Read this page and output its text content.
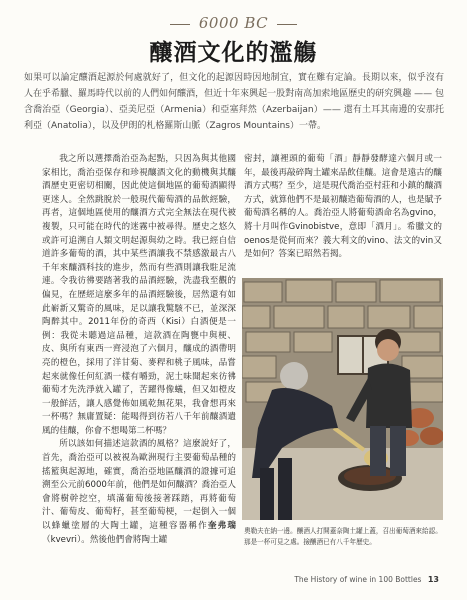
6000 BC
釀酒文化的濫觴
如果可以論定釀酒起源於何處就好了，但文化的起源因時因地制宜，實在難有定論。長期以來，似乎沒有人在乎希臘、羅馬時代以前的人們如何釀酒，但近十年來興起一股對南高加索地區歷史的研究興趣 —— 包含喬治亞（Georgia）、亞美尼亞（Armenia）和亞塞拜然（Azerbaijan）—— 還有土耳其南邊的安那托利亞（Anatolia），以及伊朗的札格羅斯山脈（Zagros Mountains）一帶。

我之所以選擇喬治亞為起點，只因為與其他國家相比，喬治亞保存和珍視釀酒文化的動機與其釀酒歷史更密切相關，因此使這個地區的葡萄酒顯得更迷人。全然跳脫於一般現代葡萄酒的品飲經驗，再者，這個地區使用的釀酒方式完全無法在現代被複製，只可能在時代的迷霧中被尋得。歷史之悠久或許可追溯自人類文明起源與幼之時。我已經自信道許多葡萄的酒，其中某些酒讓我不禁感激最古八千年來釀酒科技的進步，然而有些酒則讓我駐足流連。令我彷彿要踏著我的品酒經驗，洗盡我至觀的偏見，在歷經這麼多年的品酒經驗後，居然還有如此嶄新又驚奇的風味，足以讓我驚駭不已，並深深陶醉其中。2011年份的奇西（Kisi）白酒便是一例：我從未聽過這品種，這款酒在陶甕中與梗、皮、與所有東西一齊浸泡了六個月，釀成的酒帶明亮的橙色，採用了洋甘菊、麥稈和桃子風味，品嘗起來就像任何紅酒一樣有嚼勁，泥土味聞起來彷彿葡萄才先洗淨就入罐了，苦躍得像蟻，但又如橙皮一般鮮活，讓人感覺佈如風乾無花果，我會想再來一杯嗎？無庸置疑：能喝得到彷若八千年前釀酒遺風的佳釀，你會不想喝第二杯嗎？

所以該如何描述這款酒的風格？這麼說好了，首先，喬治亞可以被視為歐洲現行主要葡萄品種的搖籃與起源地，確實，喬治亞地區釀酒的證據可追溯至公元前6000年前，他們是如何釀酒？喬治亞人會將樹幹挖空，填滿葡萄後接著踩踏，再將葡萄汁、葡萄皮、葡萄籽，甚至葡萄梗，一起倒入一個以蜂蠟塗層的大陶土罐，這種容器稱作奎弗瑞（kvevri）。然後他們會將陶土罐

密封，讓裡頭的葡萄「酒」靜靜發酵達六個月或一年，最後再敲碎陶土罐來品飲佳釀。這會是遠古的釀酒方式嗎？至少，這是現代喬治亞村莊和小鎮的釀酒方式，就算他們不是最初釀造葡萄酒的人，也是賦予葡萄酒名稱的人。喬治亞人將葡萄酒命名為gvino，將十月叫作Gvinobistve，意即「酒月」。希臘文的oenos是從何而來？義大利文的vino、法文的vin又是如何？答案已昭然若揭。

奧勒夫在納一邊。釀酒人打開蓋奈陶土罐上蓋，召出葡萄酒來給認。那是一杯可見之處。撿釀酒已有八千年歷史。
The History of wine in 100 Bottles 13
